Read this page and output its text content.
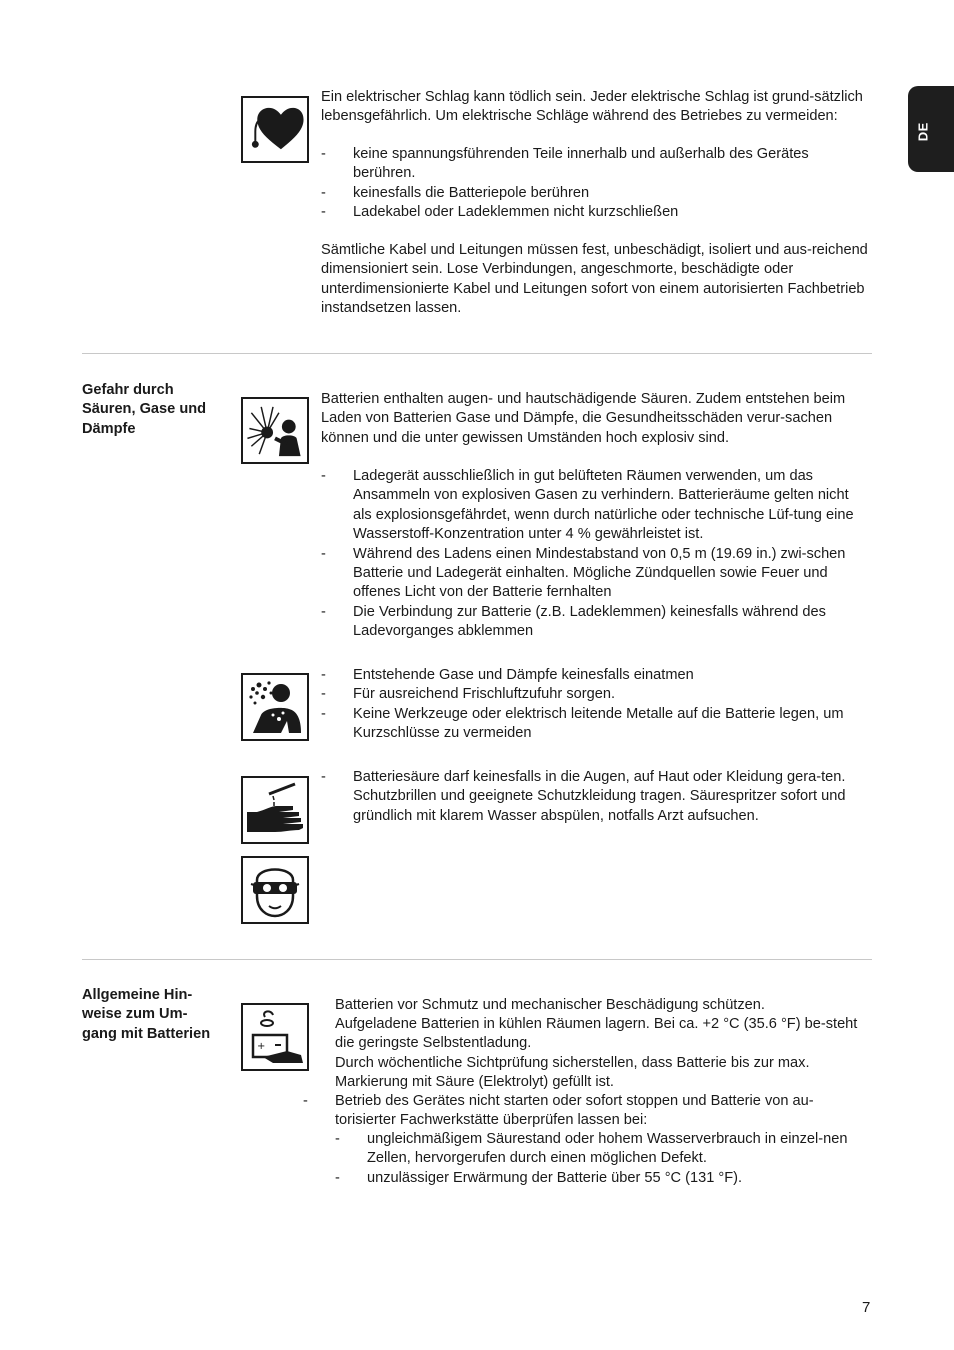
DE

Ein elektrischer Schlag kann tödlich sein. Jeder elektrische Schlag ist grund-sätzlich lebensgefährlich. Um elektrische Schläge während des Betriebes zu vermeiden:

- keine spannungsführenden Teile innerhalb und außerhalb des Gerätes berühren.
- keinesfalls die Batteriepole berühren
- Ladekabel oder Ladeklemmen nicht kurzschließen

Sämtliche Kabel und Leitungen müssen fest, unbeschädigt, isoliert und aus-reichend dimensioniert sein. Lose Verbindungen, angeschmorte, beschädigte oder unterdimensionierte Kabel und Leitungen sofort von einem autorisierten Fachbetrieb instandsetzen lassen.

Gefahr durch Säuren, Gase und Dämpfe

Batterien enthalten augen- und hautschädigende Säuren. Zudem entstehen beim Laden von Batterien Gase und Dämpfe, die Gesundheitsschäden verur-sachen können und die unter gewissen Umständen hoch explosiv sind.

- Ladegerät ausschließlich in gut belüfteten Räumen verwenden, um das Ansammeln von explosiven Gasen zu verhindern. Batterieräume gelten nicht als explosionsgefährdet, wenn durch natürliche oder technische Lüf-tung eine Wasserstoff-Konzentration unter 4 % gewährleistet ist.
- Während des Ladens einen Mindestabstand von 0,5 m (19.69 in.) zwi-schen Batterie und Ladegerät einhalten. Mögliche Zündquellen sowie Feuer und offenes Licht von der Batterie fernhalten
- Die Verbindung zur Batterie (z.B. Ladeklemmen) keinesfalls während des Ladevorganges abklemmen
- Entstehende Gase und Dämpfe keinesfalls einatmen
- Für ausreichend Frischluftzufuhr sorgen.
- Keine Werkzeuge oder elektrisch leitende Metalle auf die Batterie legen, um Kurzschlüsse zu vermeiden
- Batteriesäure darf keinesfalls in die Augen, auf Haut oder Kleidung gera-ten. Schutzbrillen und geeignete Schutzkleidung tragen. Säurespritzer sofort und gründlich mit klarem Wasser abspülen, notfalls Arzt aufsuchen.

Allgemeine Hin-weise zum Um-gang mit Batterien

+

Batterien vor Schmutz und mechanischer Beschädigung schützen.

Aufgeladene Batterien in kühlen Räumen lagern. Bei ca. +2 °C (35.6 °F) be-steht die geringste Selbstentladung.

Durch wöchentliche Sichtprüfung sicherstellen, dass Batterie bis zur max. Markierung mit Säure (Elektrolyt) gefüllt ist.

- Betrieb des Gerätes nicht starten oder sofort stoppen und Batterie von au-torisierter Fachwerkstätte überprüfen lassen bei:
- ungleichmäßigem Säurestand oder hohem Wasserverbrauch in einzel-nen Zellen, hervorgerufen durch einen möglichen Defekt.
- unzulässiger Erwärmung der Batterie über 55 °C (131 °F).
7
